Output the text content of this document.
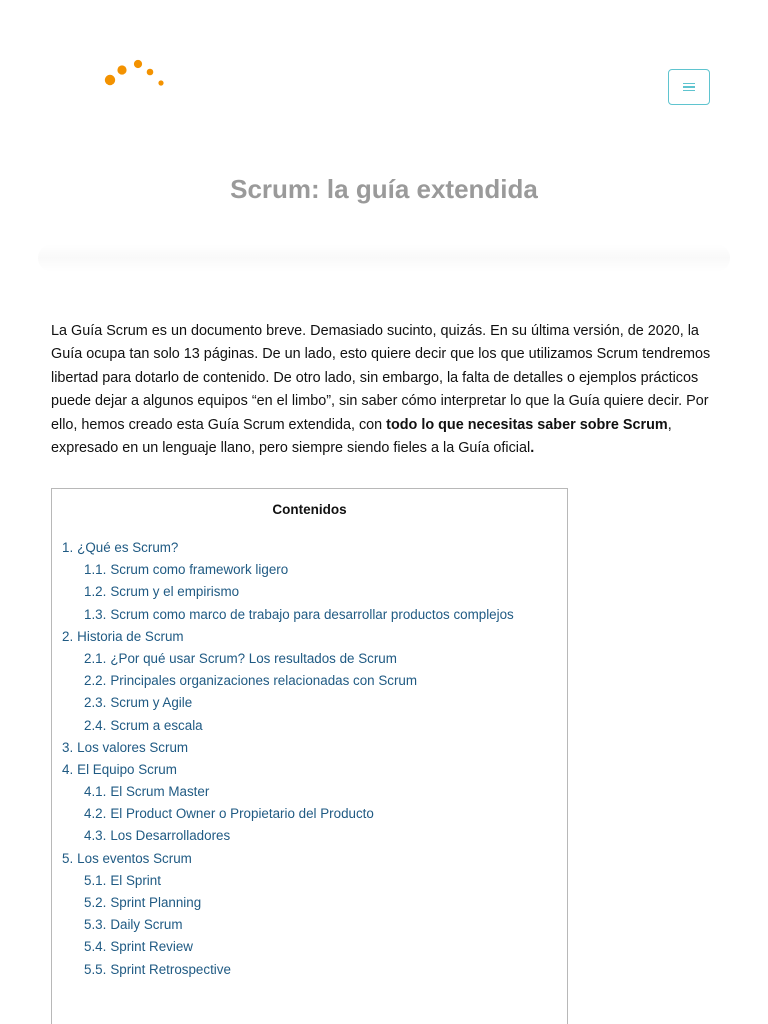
Scrum: la guía extendida

La Guía Scrum es un documento breve. Demasiado sucinto, quizás. En su última versión, de 2020, la Guía ocupa tan solo 13 páginas. De un lado, esto quiere decir que los que utilizamos Scrum tendremos libertad para dotarlo de contenido. De otro lado, sin embargo, la falta de detalles o ejemplos prácticos puede dejar a algunos equipos “en el limbo”, sin saber cómo interpretar lo que la Guía quiere decir. Por ello, hemos creado esta Guía Scrum extendida, con todo lo que necesitas saber sobre Scrum, expresado en un lenguaje llano, pero siempre siendo fieles a la Guía oficial.

Contenidos
1. ¿Qué es Scrum?
1.1. Scrum como framework ligero
1.2. Scrum y el empirismo
1.3. Scrum como marco de trabajo para desarrollar productos complejos
2. Historia de Scrum
2.1. ¿Por qué usar Scrum? Los resultados de Scrum
2.2. Principales organizaciones relacionadas con Scrum
2.3. Scrum y Agile
2.4. Scrum a escala
3. Los valores Scrum
4. El Equipo Scrum
4.1. El Scrum Master
4.2. El Product Owner o Propietario del Producto
4.3. Los Desarrolladores
5. Los eventos Scrum
5.1. El Sprint
5.2. Sprint Planning
5.3. Daily Scrum
5.4. Sprint Review
5.5. Sprint Retrospective
